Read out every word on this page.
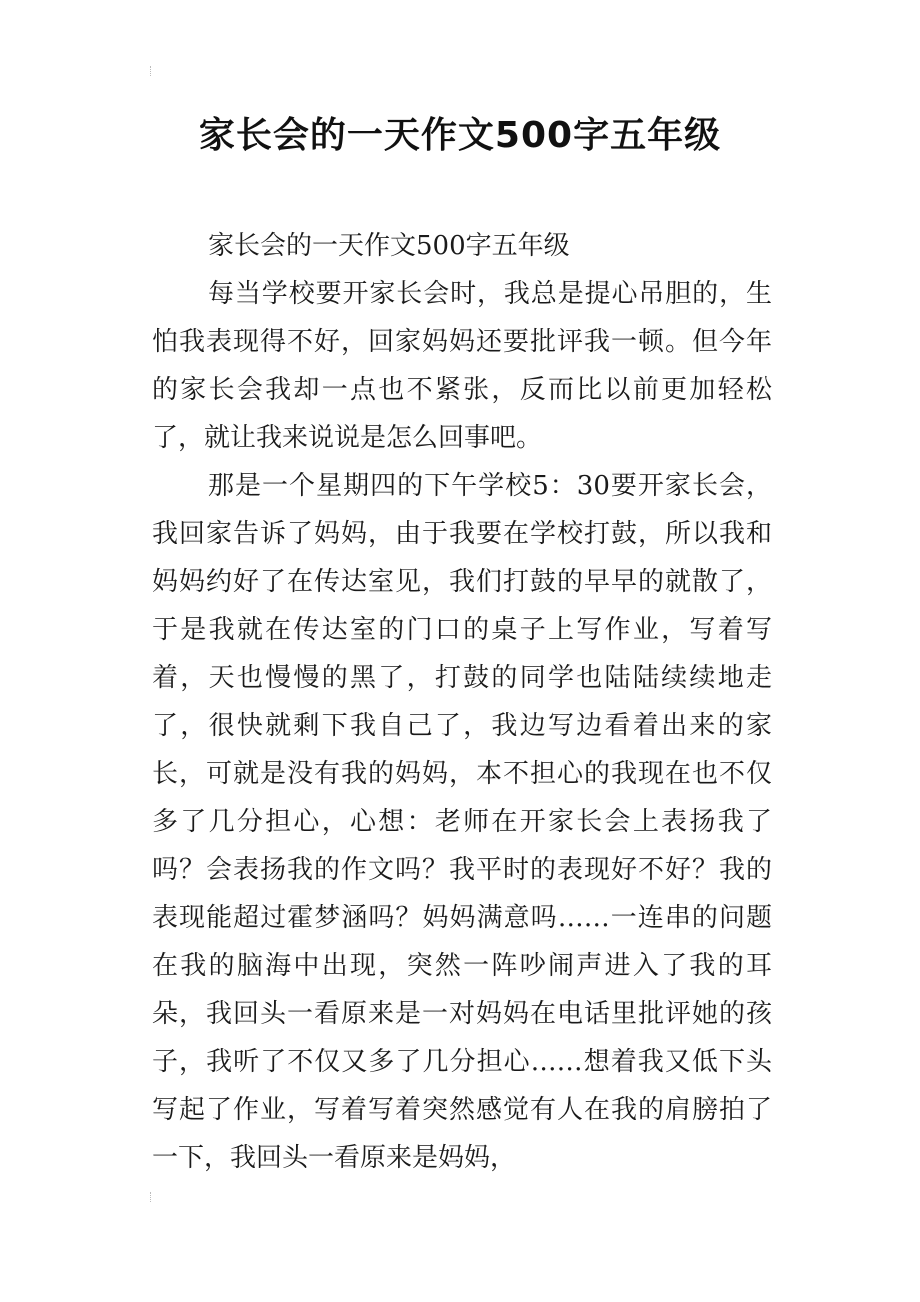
家长会的一天作文500字五年级

家长会的一天作文500字五年级

每当学校要开家长会时，我总是提心吊胆的，生怕我表现得不好，回家妈妈还要批评我一顿。但今年的家长会我却一点也不紧张，反而比以前更加轻松了，就让我来说说是怎么回事吧。

那是一个星期四的下午学校5：30要开家长会，我回家告诉了妈妈，由于我要在学校打鼓，所以我和妈妈约好了在传达室见，我们打鼓的早早的就散了，于是我就在传达室的门口的桌子上写作业，写着写着，天也慢慢的黑了，打鼓的同学也陆陆续续地走了，很快就剩下我自己了，我边写边看着出来的家长，可就是没有我的妈妈，本不担心的我现在也不仅多了几分担心，心想：老师在开家长会上表扬我了吗？会表扬我的作文吗？我平时的表现好不好？我的表现能超过霍梦涵吗？妈妈满意吗……一连串的问题在我的脑海中出现，突然一阵吵闹声进入了我的耳朵，我回头一看原来是一对妈妈在电话里批评她的孩子，我听了不仅又多了几分担心……想着我又低下头写起了作业，写着写着突然感觉有人在我的肩膀拍了一下，我回头一看原来是妈妈，
